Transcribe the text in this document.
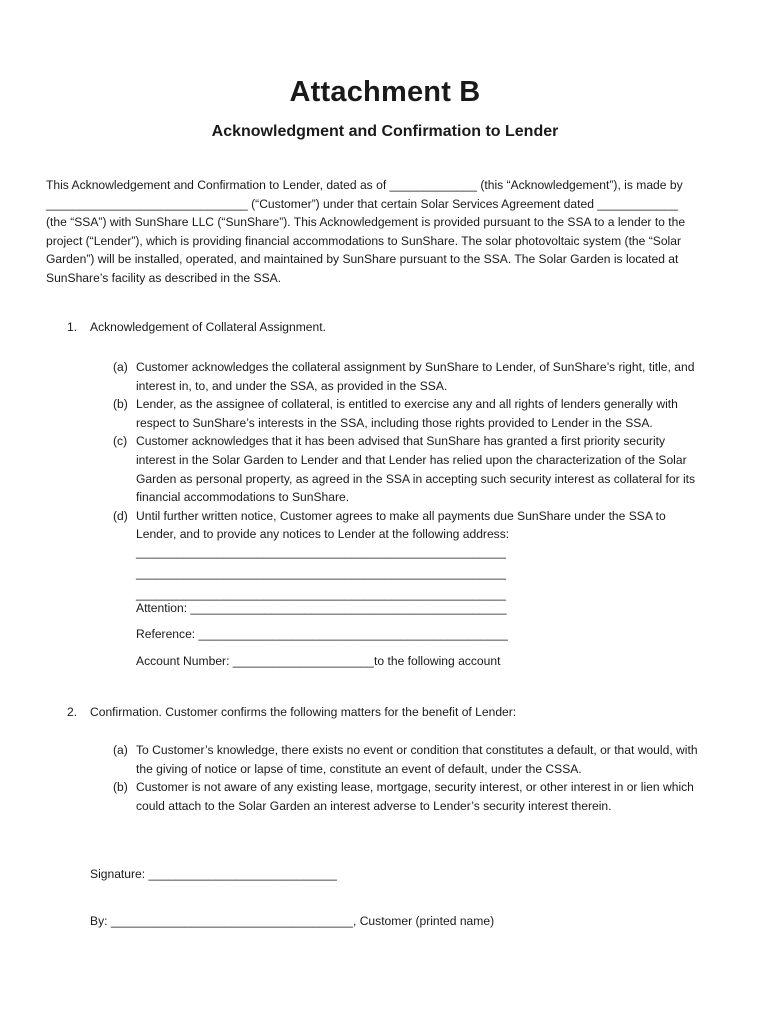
Attachment B
Acknowledgment and Confirmation to Lender
This Acknowledgement and Confirmation to Lender, dated as of _____________ (this “Acknowledgement”), is made by
______________________________ (“Customer”) under that certain Solar Services Agreement dated ____________
(the “SSA”) with SunShare LLC (“SunShare”). This Acknowledgement is provided pursuant to the SSA to a lender to the
project (“Lender”), which is providing financial accommodations to SunShare. The solar photovoltaic system (the “Solar
Garden”) will be installed, operated, and maintained by SunShare pursuant to the SSA. The Solar Garden is located at
SunShare’s facility as described in the SSA.
1. Acknowledgement of Collateral Assignment.
(a) Customer acknowledges the collateral assignment by SunShare to Lender, of SunShare’s right, title, and
interest in, to, and under the SSA, as provided in the SSA.
(b) Lender, as the assignee of collateral, is entitled to exercise any and all rights of lenders generally with
respect to SunShare’s interests in the SSA, including those rights provided to Lender in the SSA.
(c) Customer acknowledges that it has been advised that SunShare has granted a first priority security
interest in the Solar Garden to Lender and that Lender has relied upon the characterization of the Solar
Garden as personal property, as agreed in the SSA in accepting such security interest as collateral for its
financial accommodations to SunShare.
(d) Until further written notice, Customer agrees to make all payments due SunShare under the SSA to
Lender, and to provide any notices to Lender at the following address:
_______________________________________________________
_______________________________________________________
_______________________________________________________
Attention: _______________________________________________
Reference: ______________________________________________
Account Number: _____________________to the following account
2. Confirmation. Customer confirms the following matters for the benefit of Lender:
(a) To Customer’s knowledge, there exists no event or condition that constitutes a default, or that would, with
the giving of notice or lapse of time, constitute an event of default, under the CSSA.
(b) Customer is not aware of any existing lease, mortgage, security interest, or other interest in or lien which
could attach to the Solar Garden an interest adverse to Lender’s security interest therein.
Signature: ____________________________
By: ____________________________________, Customer (printed name)
